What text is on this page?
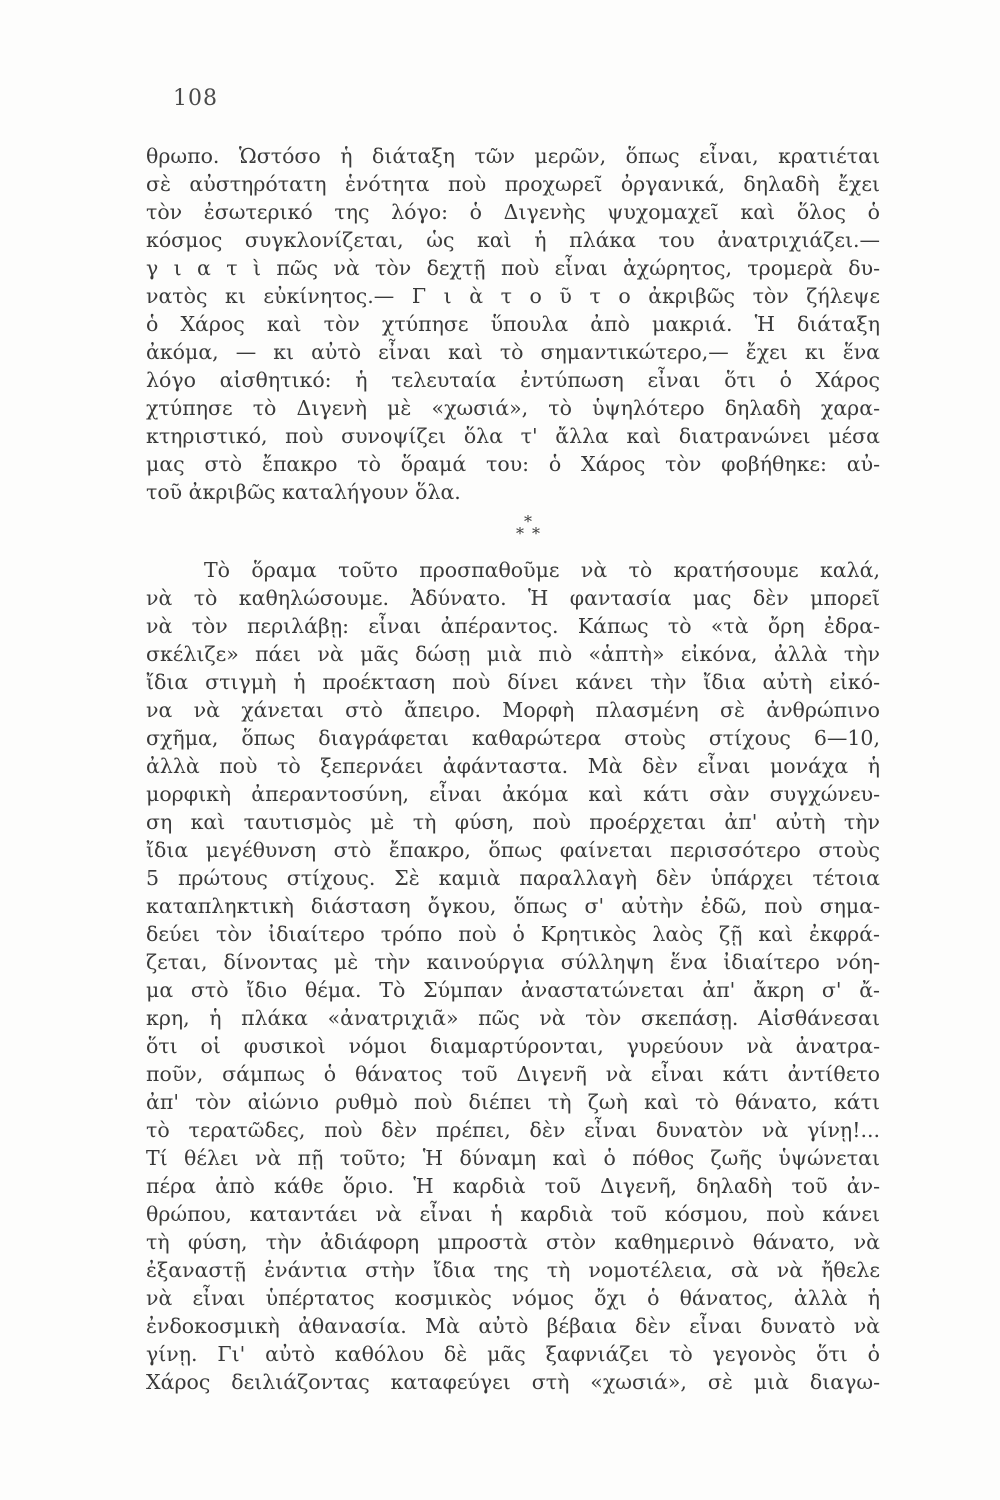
108
θρωπο. Ὡστόσο ἡ διάταξη τῶν μερῶν, ὅπως εἶναι, κρατιέται
σὲ αὐστηρότατη ἑνότητα ποὺ προχωρεῖ ὀργανικά, δηλαδὴ ἔχει
τὸν ἐσωτερικό της λόγο: ὁ Διγενὴς ψυχομαχεῖ καὶ ὅλος ὁ
κόσμος συγκλονίζεται, ὡς καὶ ἡ πλάκα του ἀνατριχιάζει.—
γ ι α τ ὶ πῶς νὰ τὸν δεχτῇ ποὺ εἶναι ἀχώρητος, τρομερὰ δυ-
νατὸς κι εὐκίνητος.— Γ ι ὰ τ ο ῦ τ ο ἀκριβῶς τὸν ζήλεψε
ὁ Χάρος καὶ τὸν χτύπησε ὕπουλα ἀπὸ μακριά. Ἡ διάταξη
ἀκόμα, — κι αὐτὸ εἶναι καὶ τὸ σημαντικώτερο,— ἔχει κι ἕνα
λόγο αἰσθητικό: ἡ τελευταία ἐντύπωση εἶναι ὅτι ὁ Χάρος
χτύπησε τὸ Διγενὴ μὲ «χωσιά», τὸ ὑψηλότερο δηλαδὴ χαρα-
κτηριστικό, ποὺ συνοψίζει ὅλα τ' ἄλλα καὶ διατρανώνει μέσα
μας στὸ ἔπακρο τὸ ὅραμά του: ὁ Χάρος τὸν φοβήθηκε: αὐ-
τοῦ ἀκριβῶς καταλήγουν ὅλα.
*
* *
Τὸ ὅραμα τοῦτο προσπαθοῦμε νὰ τὸ κρατήσουμε καλά,
νὰ τὸ καθηλώσουμε. Ἀδύνατο. Ἡ φαντασία μας δὲν μπορεῖ
νὰ τὸν περιλάβῃ: εἶναι ἀπέραντος. Κάπως τὸ «τὰ ὄρη ἐδρα-
σκέλιζε» πάει νὰ μᾶς δώσῃ μιὰ πιὸ «ἁπτὴ» εἰκόνα, ἀλλὰ τὴν
ἴδια στιγμὴ ἡ προέκταση ποὺ δίνει κάνει τὴν ἴδια αὐτὴ εἰκό-
να νὰ χάνεται στὸ ἄπειρο. Μορφὴ πλασμένη σὲ ἀνθρώπινο
σχῆμα, ὅπως διαγράφεται καθαρώτερα στοὺς στίχους 6—10,
ἀλλὰ ποὺ τὸ ξεπερνάει ἀφάνταστα. Μὰ δὲν εἶναι μονάχα ἡ
μορφικὴ ἀπεραντοσύνη, εἶναι ἀκόμα καὶ κάτι σὰν συγχώνευ-
ση καὶ ταυτισμὸς μὲ τὴ φύση, ποὺ προέρχεται ἀπ' αὐτὴ τὴν
ἴδια μεγέθυνση στὸ ἔπακρο, ὅπως φαίνεται περισσότερο στοὺς
5 πρώτους στίχους. Σὲ καμιὰ παραλλαγὴ δὲν ὑπάρχει τέτοια
καταπληκτικὴ διάσταση ὄγκου, ὅπως σ' αὐτὴν ἐδῶ, ποὺ σημα-
δεύει τὸν ἰδιαίτερο τρόπο ποὺ ὁ Κρητικὸς λαὸς ζῇ καὶ ἐκφρά-
ζεται, δίνοντας μὲ τὴν καινούργια σύλληψη ἕνα ἰδιαίτερο νόη-
μα στὸ ἴδιο θέμα. Τὸ Σύμπαν ἀναστατώνεται ἀπ' ἄκρη σ' ἄ-
κρη, ἡ πλάκα «ἀνατριχιᾶ» πῶς νὰ τὸν σκεπάσῃ. Αἰσθάνεσαι
ὅτι οἱ φυσικοὶ νόμοι διαμαρτύρονται, γυρεύουν νὰ ἀνατρα-
ποῦν, σάμπως ὁ θάνατος τοῦ Διγενῆ νὰ εἶναι κάτι ἀντίθετο
ἀπ' τὸν αἰώνιο ρυθμὸ ποὺ διέπει τὴ ζωὴ καὶ τὸ θάνατο, κάτι
τὸ τερατῶδες, ποὺ δὲν πρέπει, δὲν εἶναι δυνατὸν νὰ γίνῃ!...
Τί θέλει νὰ πῇ τοῦτο; Ἡ δύναμη καὶ ὁ πόθος ζωῆς ὑψώνεται
πέρα ἀπὸ κάθε ὅριο. Ἡ καρδιὰ τοῦ Διγενῆ, δηλαδὴ τοῦ ἀν-
θρώπου, καταντάει νὰ εἶναι ἡ καρδιὰ τοῦ κόσμου, ποὺ κάνει
τὴ φύση, τὴν ἀδιάφορη μπροστὰ στὸν καθημερινὸ θάνατο, νὰ
ἐξαναστῇ ἐνάντια στὴν ἴδια της τὴ νομοτέλεια, σὰ νὰ ἤθελε
νὰ εἶναι ὑπέρτατος κοσμικὸς νόμος ὄχι ὁ θάνατος, ἀλλὰ ἡ
ἐνδοκοσμικὴ ἀθανασία. Μὰ αὐτὸ βέβαια δὲν εἶναι δυνατὸ νὰ
γίνῃ. Γι' αὐτὸ καθόλου δὲ μᾶς ξαφνιάζει τὸ γεγονὸς ὅτι ὁ
Χάρος δειλιάζοντας καταφεύγει στὴ «χωσιά», σὲ μιὰ διαγω-
